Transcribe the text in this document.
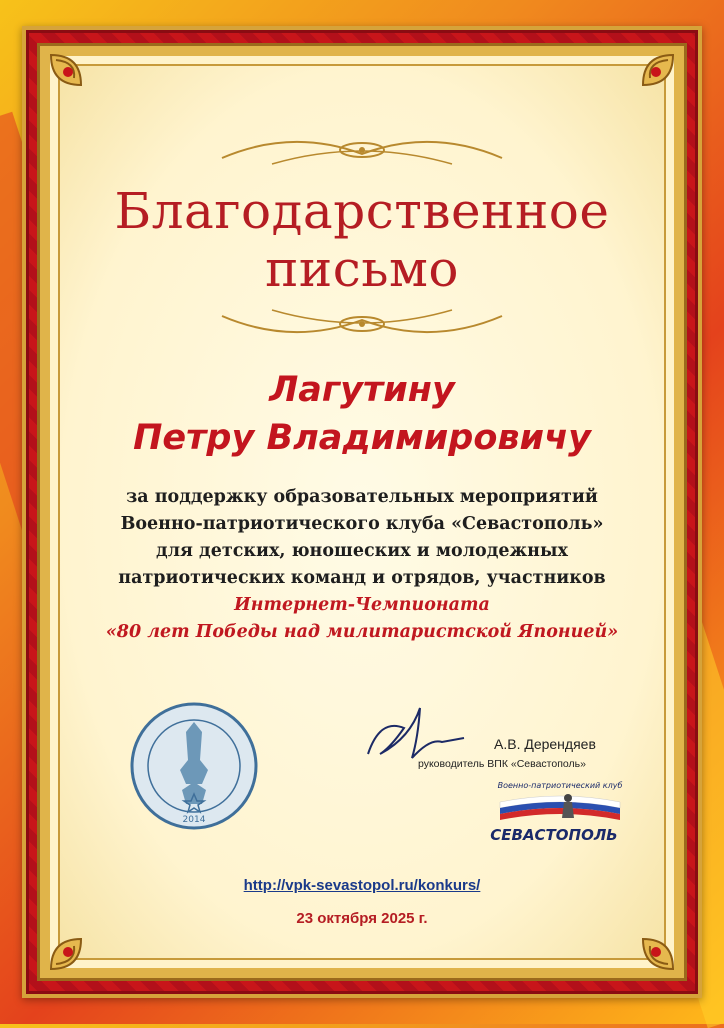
Благодарственное
письмо
Лагутину
Петру Владимировичу
за поддержку образовательных мероприятий
Военно-патриотического клуба «Севастополь»
для детских, юношеских и молодежных
патриотических команд и отрядов, участников
Интернет-Чемпионата
«80 лет Победы над милитаристской Японией»
2014
А.В. Дерендяев
руководитель ВПК «Севастополь»
Военно-патриотический клуб
СЕВАСТОПОЛЬ
http://vpk-sevastopol.ru/konkurs/
23 октября 2025 г.
